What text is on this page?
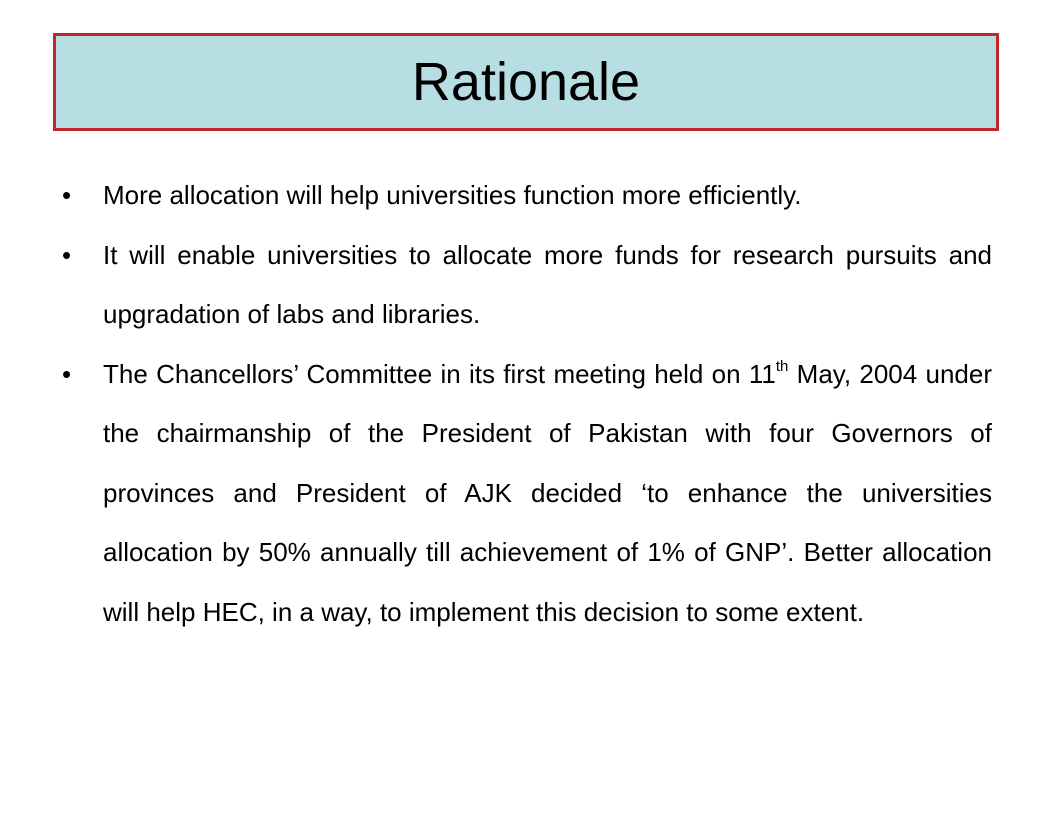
Rationale
•	More allocation will help universities function more efficiently.
•	It will enable universities to allocate more funds for research pursuits and upgradation of labs and libraries.
•	The Chancellors’ Committee in its first meeting held on 11th May, 2004 under the chairmanship of the President of Pakistan with four Governors of provinces and President of AJK decided ‘to enhance the universities allocation by 50% annually till achievement of 1% of GNP’. Better allocation will help HEC, in a way, to implement this decision to some extent.
